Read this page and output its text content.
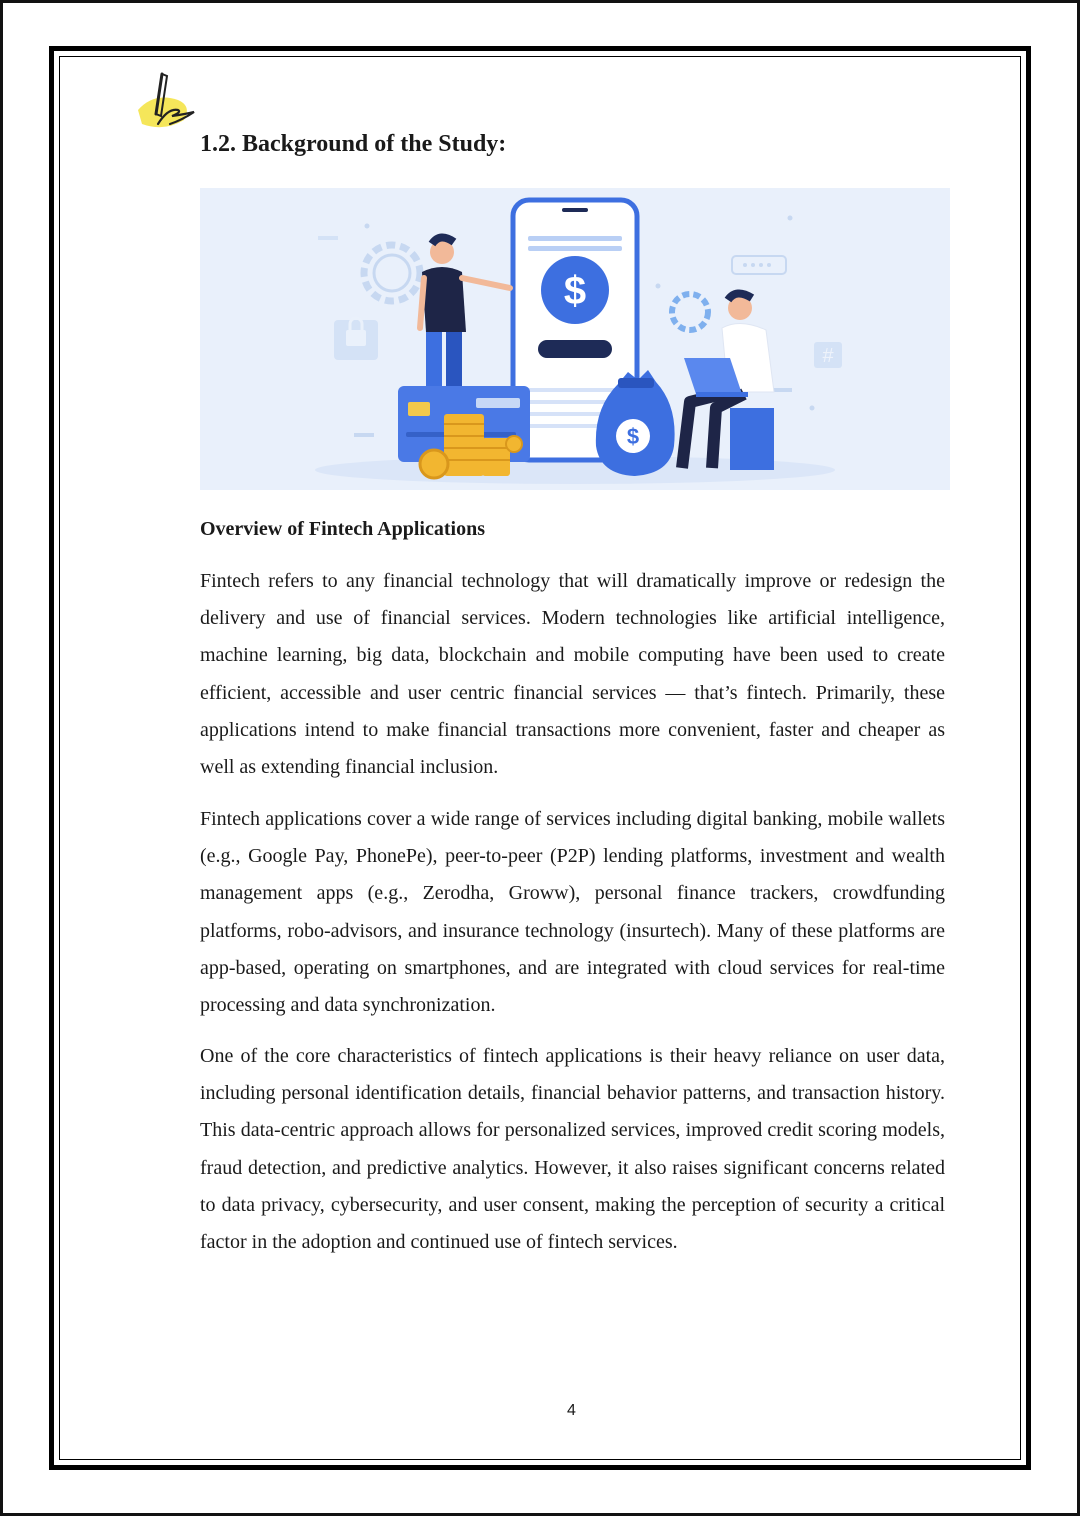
1.2. Background of the Study:
#
$
$
Overview of Fintech Applications

Fintech refers to any financial technology that will dramatically improve or redesign the delivery and use of financial services. Modern technologies like artificial intelligence, machine learning, big data, blockchain and mobile computing have been used to create efficient, accessible and user centric financial services — that’s fintech. Primarily, these applications intend to make financial transactions more convenient, faster and cheaper as well as extending financial inclusion.

Fintech applications cover a wide range of services including digital banking, mobile wallets (e.g., Google Pay, PhonePe), peer-to-peer (P2P) lending platforms, investment and wealth management apps (e.g., Zerodha, Groww), personal finance trackers, crowdfunding platforms, robo-advisors, and insurance technology (insurtech). Many of these platforms are app-based, operating on smartphones, and are integrated with cloud services for real-time processing and data synchronization.

One of the core characteristics of fintech applications is their heavy reliance on user data, including personal identification details, financial behavior patterns, and transaction history. This data-centric approach allows for personalized services, improved credit scoring models, fraud detection, and predictive analytics. However, it also raises significant concerns related to data privacy, cybersecurity, and user consent, making the perception of security a critical factor in the adoption and continued use of fintech services.

4
